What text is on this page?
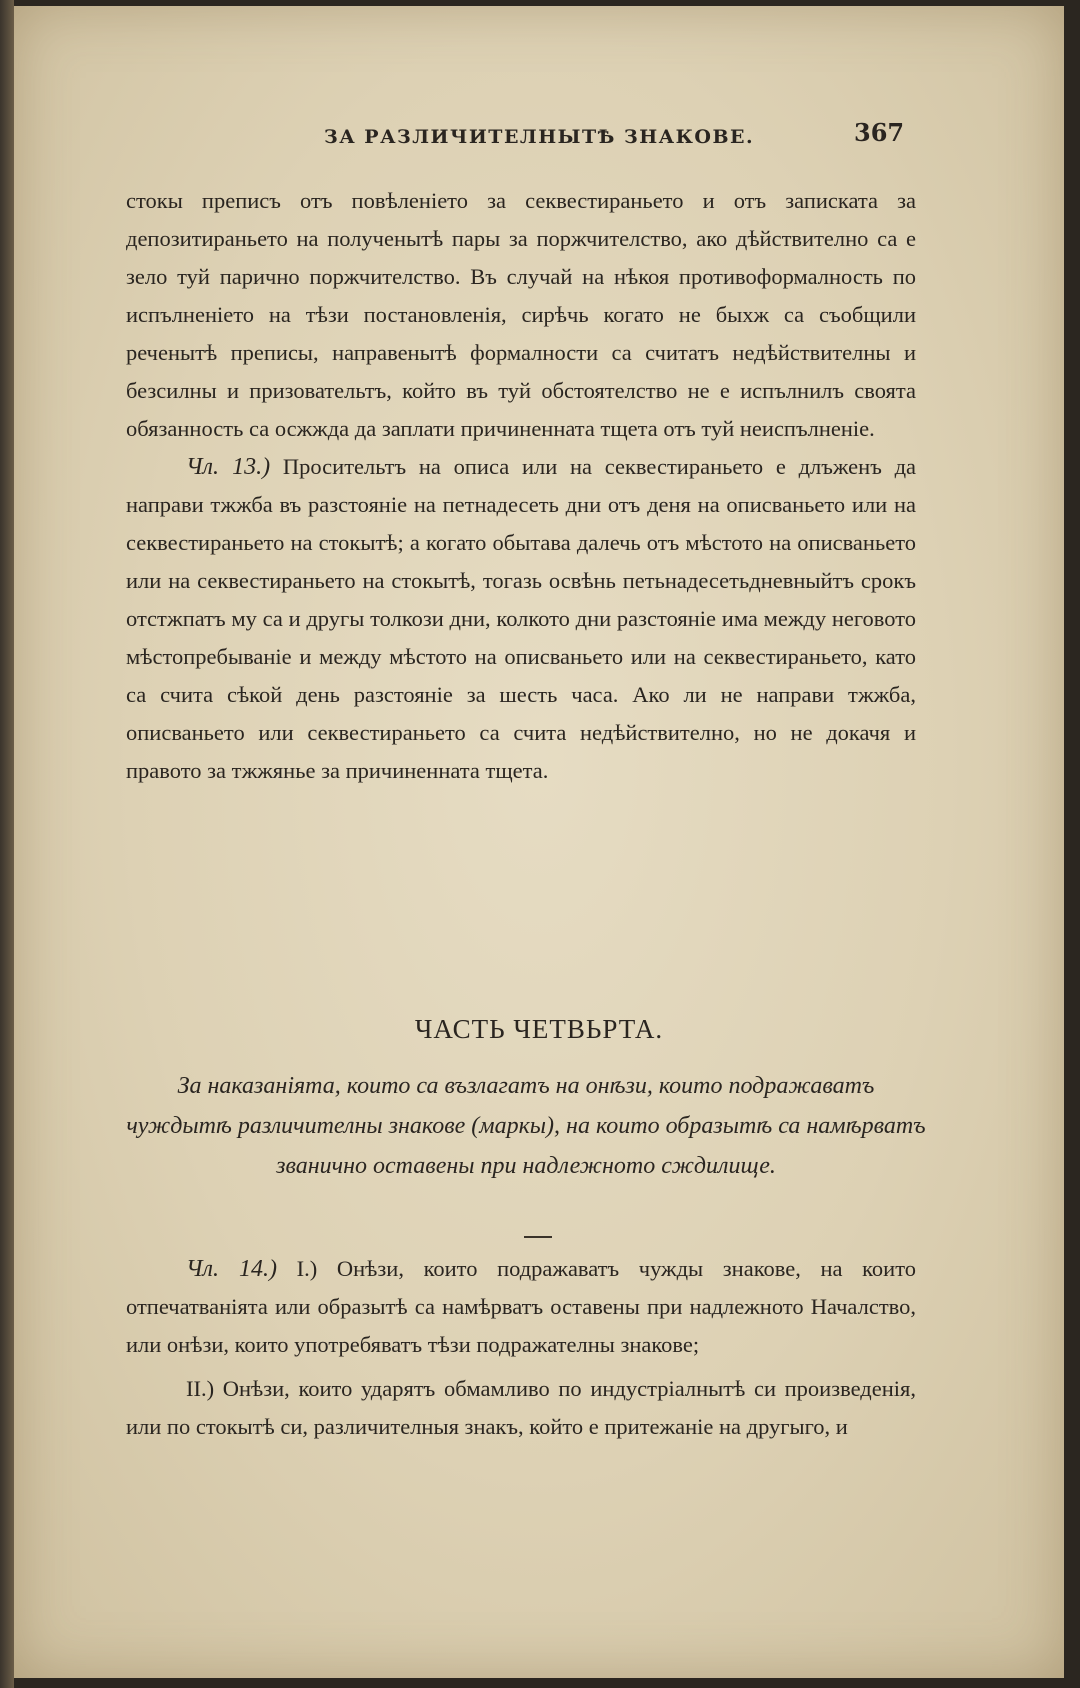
ЗА РАЗЛИЧИТЕЛНЫТѢ ЗНАКОВЕ.	367

стокы преписъ отъ повѣленіето за секвестираньето и отъ записката за депозитираньето на полученытѣ пары за поржчителство, ако дѣйствително са е зело туй парично поржчителство. Въ случай на нѣкоя противоформалность по испълненіето на тѣзи постановленія, сирѣчь когато не быхж са съобщили реченытѣ преписы, направенытѣ формалности са считатъ недѣйствителны и безсилны и призовательтъ, който въ туй обстоятелство не е испълнилъ своята обязанность са осжжда да заплати причиненната тщета отъ туй неиспълненіе.

Чл. 13.) Просительтъ на описа или на секвестираньето е длъженъ да направи тжжба въ разстояніе на петнадесеть дни отъ деня на описваньето или на секвестираньето на стокытѣ; а когато обытава далечь отъ мѣстото на описваньето или на секвестираньето на стокытѣ, тогазь освѣнь петьнадесетьдневныйтъ срокъ отстжпатъ му са и другы толкози дни, колкото дни разстояніе има между неговото мѣстопребываніе и между мѣстото на описваньето или на секвестираньето, като са счита сѣкой день разстояніе за шесть часа. Ако ли не направи тжжба, описваньето или секвестираньето са счита недѣйствително, но не докачя и правото за тжжянье за причиненната тщета.

ЧАСТЬ ЧЕТВЬРТА.
За наказаніята, които са възлагатъ на онѣзи, които подражаватъ чуждытѣ различителны знакове (маркы), на които образытѣ са намѣрватъ званично оставены при надлежното сждилище.

Чл. 14.) I.) Онѣзи, които подражаватъ чужды знакове, на които отпечатваніята или образытѣ са намѣрватъ оставены при надлежното Началство, или онѣзи, които употребяватъ тѣзи подражателны знакове;

II.) Онѣзи, които ударятъ обмамливо по индустріалнытѣ си произведенія, или по стокытѣ си, различителныя знакъ, който е притежаніе на другыго, и
